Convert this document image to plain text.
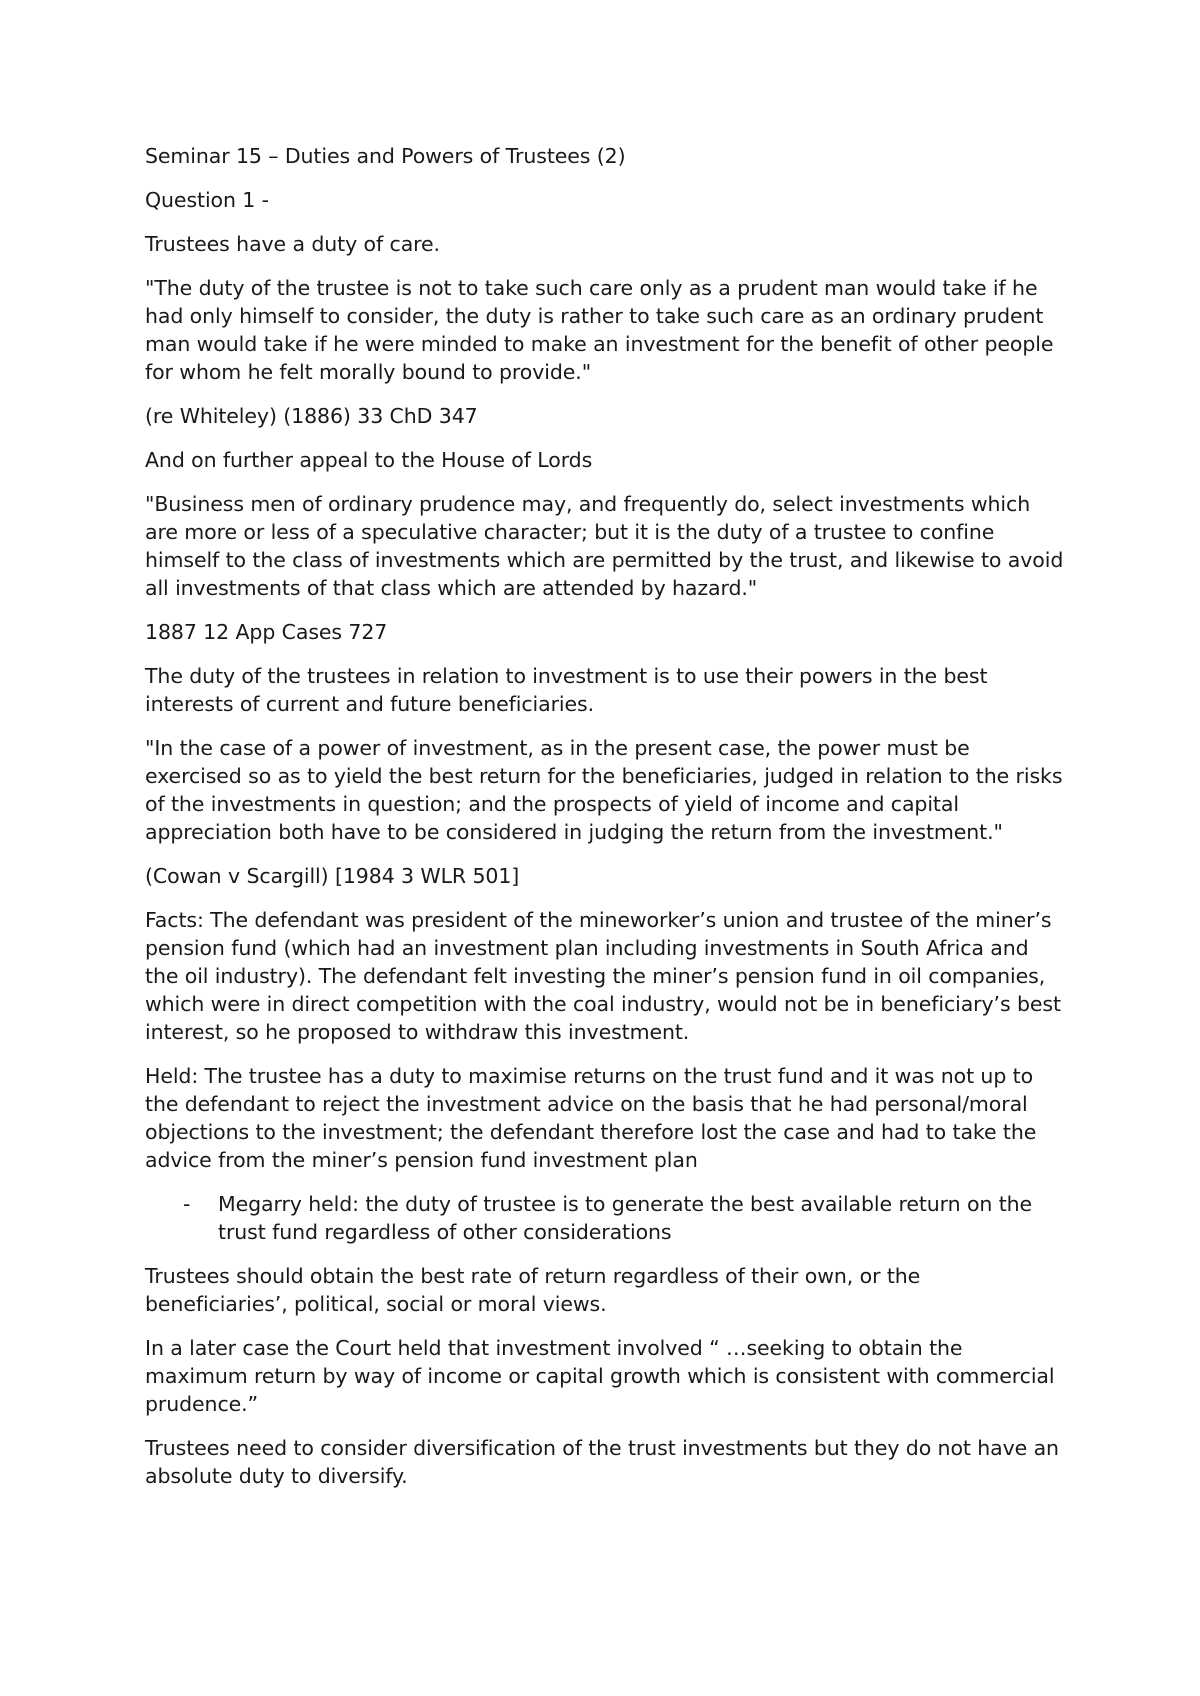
Seminar 15 – Duties and Powers of Trustees (2)

Question 1 -

Trustees have a duty of care.

"The duty of the trustee is not to take such care only as a prudent man would take if he had only himself to consider, the duty is rather to take such care as an ordinary prudent man would take if he were minded to make an investment for the benefit of other people for whom he felt morally bound to provide."

(re Whiteley) (1886) 33 ChD 347

And on further appeal to the House of Lords

"Business men of ordinary prudence may, and frequently do, select investments which are more or less of a speculative character; but it is the duty of a trustee to confine himself to the class of investments which are permitted by the trust, and likewise to avoid all investments of that class which are attended by hazard."

1887 12 App Cases 727

The duty of the trustees in relation to investment is to use their powers in the best interests of current and future beneficiaries.

"In the case of a power of investment, as in the present case, the power must be exercised so as to yield the best return for the beneficiaries, judged in relation to the risks of the investments in question; and the prospects of yield of income and capital appreciation both have to be considered in judging the return from the investment."

(Cowan v Scargill) [1984 3 WLR 501]

Facts: The defendant was president of the mineworker’s union and trustee of the miner’s pension fund (which had an investment plan including investments in South Africa and the oil industry). The defendant felt investing the miner’s pension fund in oil companies, which were in direct competition with the coal industry, would not be in beneficiary’s best interest, so he proposed to withdraw this investment.

Held: The trustee has a duty to maximise returns on the trust fund and it was not up to the defendant to reject the investment advice on the basis that he had personal/moral objections to the investment; the defendant therefore lost the case and had to take the advice from the miner’s pension fund investment plan

- Megarry held: the duty of trustee is to generate the best available return on the trust fund regardless of other considerations

Trustees should obtain the best rate of return regardless of their own, or the beneficiaries’, political, social or moral views.

In a later case the Court held that investment involved “ …seeking to obtain the maximum return by way of income or capital growth which is consistent with commercial prudence.”

Trustees need to consider diversification of the trust investments but they do not have an absolute duty to diversify.
